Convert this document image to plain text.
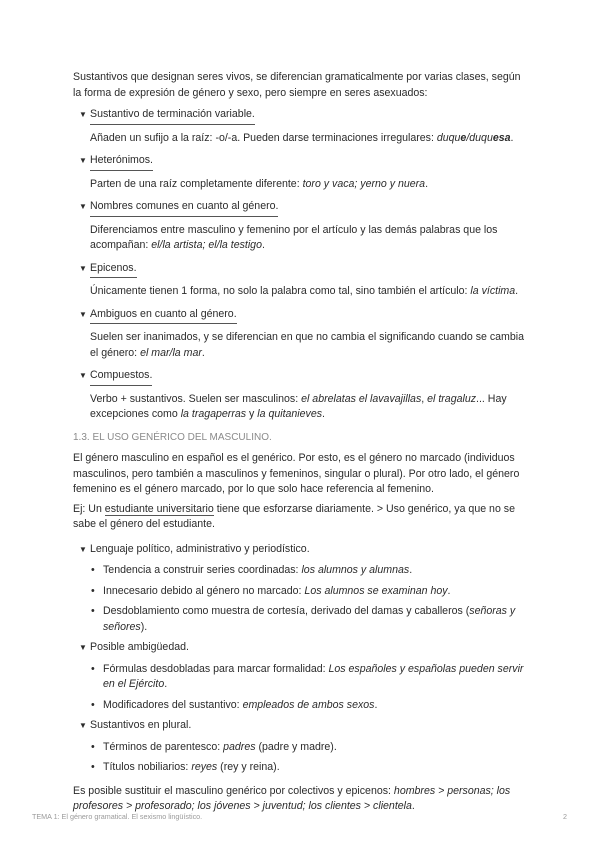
Sustantivos que designan seres vivos, se diferencian gramaticalmente por varias clases, según

la forma de expresión de género y sexo, pero siempre en seres asexuados:

▼ Sustantivo de terminación variable.

Añaden un sufijo a la raíz: -o/-a. Pueden darse terminaciones irregulares: duque/duquesa.

▼ Heterónimos.

Parten de una raíz completamente diferente: toro y vaca; yerno y nuera.

▼ Nombres comunes en cuanto al género.

Diferenciamos entre masculino y femenino por el artículo y las demás palabras que los

acompañan: el/la artista; el/la testigo.

▼ Epicenos.

Únicamente tienen 1 forma, no solo la palabra como tal, sino también el artículo: la víctima.

▼ Ambiguos en cuanto al género.

Suelen ser inanimados, y se diferencian en que no cambia el significando cuando se cambia

el género: el mar/la mar.

▼ Compuestos.

Verbo + sustantivos. Suelen ser masculinos: el abrelatas el lavavajillas, el tragaluz... Hay

excepciones como la tragaperras y la quitanieves.

1.3. EL USO GENÉRICO DEL MASCULINO.

El género masculino en español es el genérico. Por esto, es el género no marcado (individuos

masculinos, pero también a masculinos y femeninos, singular o plural). Por otro lado, el género

femenino es el género marcado, por lo que solo hace referencia al femenino.

Ej: Un estudiante universitario tiene que esforzarse diariamente. > Uso genérico, ya que no se

sabe el género del estudiante.

▼ Lenguaje político, administrativo y periodístico.
• Tendencia a construir series coordinadas: los alumnos y alumnas.
• Innecesario debido al género no marcado: Los alumnos se examinan hoy.
• Desdoblamiento como muestra de cortesía, derivado del damas y caballeros (señoras y
señores).
▼ Posible ambigüedad.
• Fórmulas desdobladas para marcar formalidad: Los españoles y españolas pueden servir
en el Ejército.
• Modificadores del sustantivo: empleados de ambos sexos.
▼ Sustantivos en plural.
• Términos de parentesco: padres (padre y madre).
• Títulos nobiliarios: reyes (rey y reina).

Es posible sustituir el masculino genérico por colectivos y epicenos: hombres > personas; los

profesores > profesorado; los jóvenes > juventud; los clientes > clientela.

TEMA 1: El género gramatical. El sexismo lingüístico.	2
